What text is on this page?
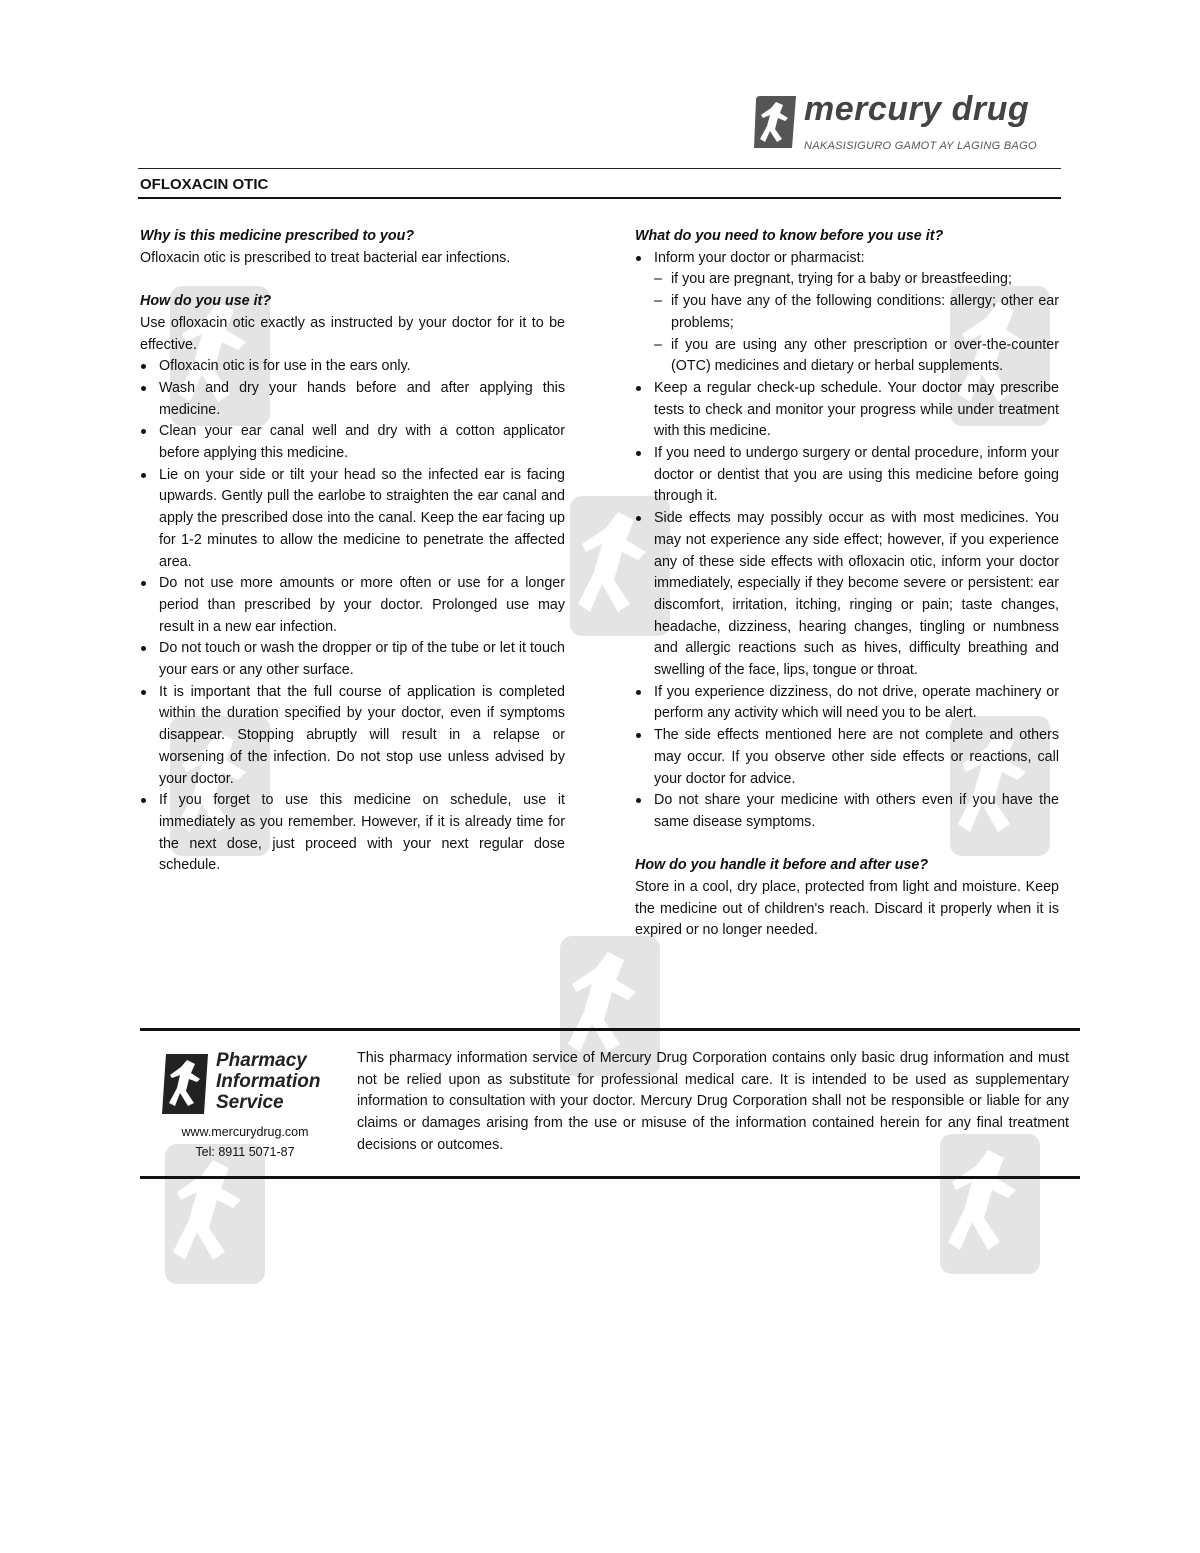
mercury drug
NAKASISIGURO GAMOT AY LAGING BAGO
OFLOXACIN OTIC

Why is this medicine prescribed to you?

Ofloxacin otic is prescribed to treat bacterial ear infections.

How do you use it?

Use ofloxacin otic exactly as instructed by your doctor for it to be effective.

Ofloxacin otic is for use in the ears only.
Wash and dry your hands before and after applying this medicine.
Clean your ear canal well and dry with a cotton applicator before applying this medicine.
Lie on your side or tilt your head so the infected ear is facing upwards. Gently pull the earlobe to straighten the ear canal and apply the prescribed dose into the canal. Keep the ear facing up for 1-2 minutes to allow the medicine to penetrate the affected area.
Do not use more amounts or more often or use for a longer period than prescribed by your doctor. Prolonged use may result in a new ear infection.
Do not touch or wash the dropper or tip of the tube or let it touch your ears or any other surface.
It is important that the full course of application is completed within the duration specified by your doctor, even if symptoms disappear. Stopping abruptly will result in a relapse or worsening of the infection. Do not stop use unless advised by your doctor.
If you forget to use this medicine on schedule, use it immediately as you remember. However, if it is already time for the next dose, just proceed with your next regular dose schedule.

What do you need to know before you use it?

Inform your doctor or pharmacist:
– if you are pregnant, trying for a baby or breastfeeding;
– if you have any of the following conditions: allergy; other ear problems;
– if you are using any other prescription or over-the-counter (OTC) medicines and dietary or herbal supplements.
Keep a regular check-up schedule. Your doctor may prescribe tests to check and monitor your progress while under treatment with this medicine.
If you need to undergo surgery or dental procedure, inform your doctor or dentist that you are using this medicine before going through it.
Side effects may possibly occur as with most medicines. You may not experience any side effect; however, if you experience any of these side effects with ofloxacin otic, inform your doctor immediately, especially if they become severe or persistent: ear discomfort, irritation, itching, ringing or pain; taste changes, headache, dizziness, hearing changes, tingling or numbness and allergic reactions such as hives, difficulty breathing and swelling of the face, lips, tongue or throat.
If you experience dizziness, do not drive, operate machinery or perform any activity which will need you to be alert.
The side effects mentioned here are not complete and others may occur. If you observe other side effects or reactions, call your doctor for advice.
Do not share your medicine with others even if you have the same disease symptoms.

How do you handle it before and after use?

Store in a cool, dry place, protected from light and moisture. Keep the medicine out of children's reach. Discard it properly when it is expired or no longer needed.

Pharmacy
Information
Service
www.mercurydrug.com
Tel: 8911 5071-87

This pharmacy information service of Mercury Drug Corporation contains only basic drug information and must not be relied upon as substitute for professional medical care. It is intended to be used as supplementary information to consultation with your doctor. Mercury Drug Corporation shall not be responsible or liable for any claims or damages arising from the use or misuse of the information contained herein for any final treatment decisions or outcomes.
